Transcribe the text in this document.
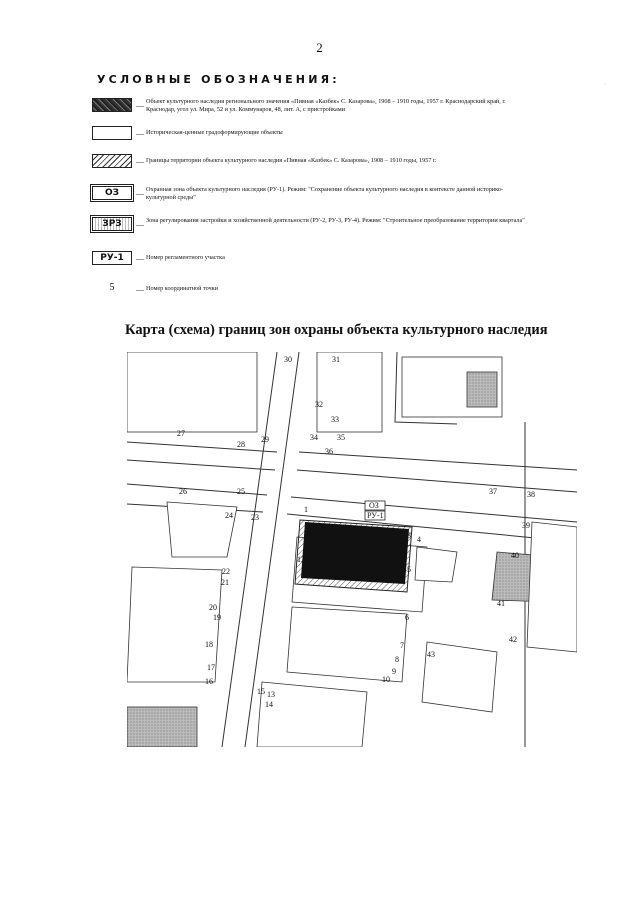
2
·
УСЛОВНЫЕ ОБОЗНАЧЕНИЯ:
— Объект культурного наследия регионального значения «Пивная «Казбек» С. Казарова», 1908 – 1910 годы, 1957 г. Краснодарский край, г. Краснодар, угол ул. Мира, 52 и ул. Коммунаров, 48, лит. А, с пристройками
— Историческая-ценные градоформирующие объекты
— Границы территории объекта культурного наследия «Пивная «Казбек» С. Казарова», 1908 – 1910 годы, 1957 г.
ОЗ	— Охранная зона объекта культурного наследия (РУ-1). Режим: "Сохранение объекта культурного наследия в контексте данной историко-культурной среды"
ЗРЗ	— Зона регулирования застройки и хозяйственной деятельности (РУ-2, РУ-3, РУ-4). Режим: "Строительное преобразование территории квартала"
РУ-1	— Номер регламентного участка
5	— Номер координатной точки
Карта (схема) границ зон охраны объекта культурного наследия
ОЗ
РУ-1
1
2
3 4
5
6
7
8
9
10
11
12
13
14
15
16
17
18
19
20
21
22
23
24
25
26
27
28
29
30	31
32
33
34 35
36
37	38
39
40
41
42
43
